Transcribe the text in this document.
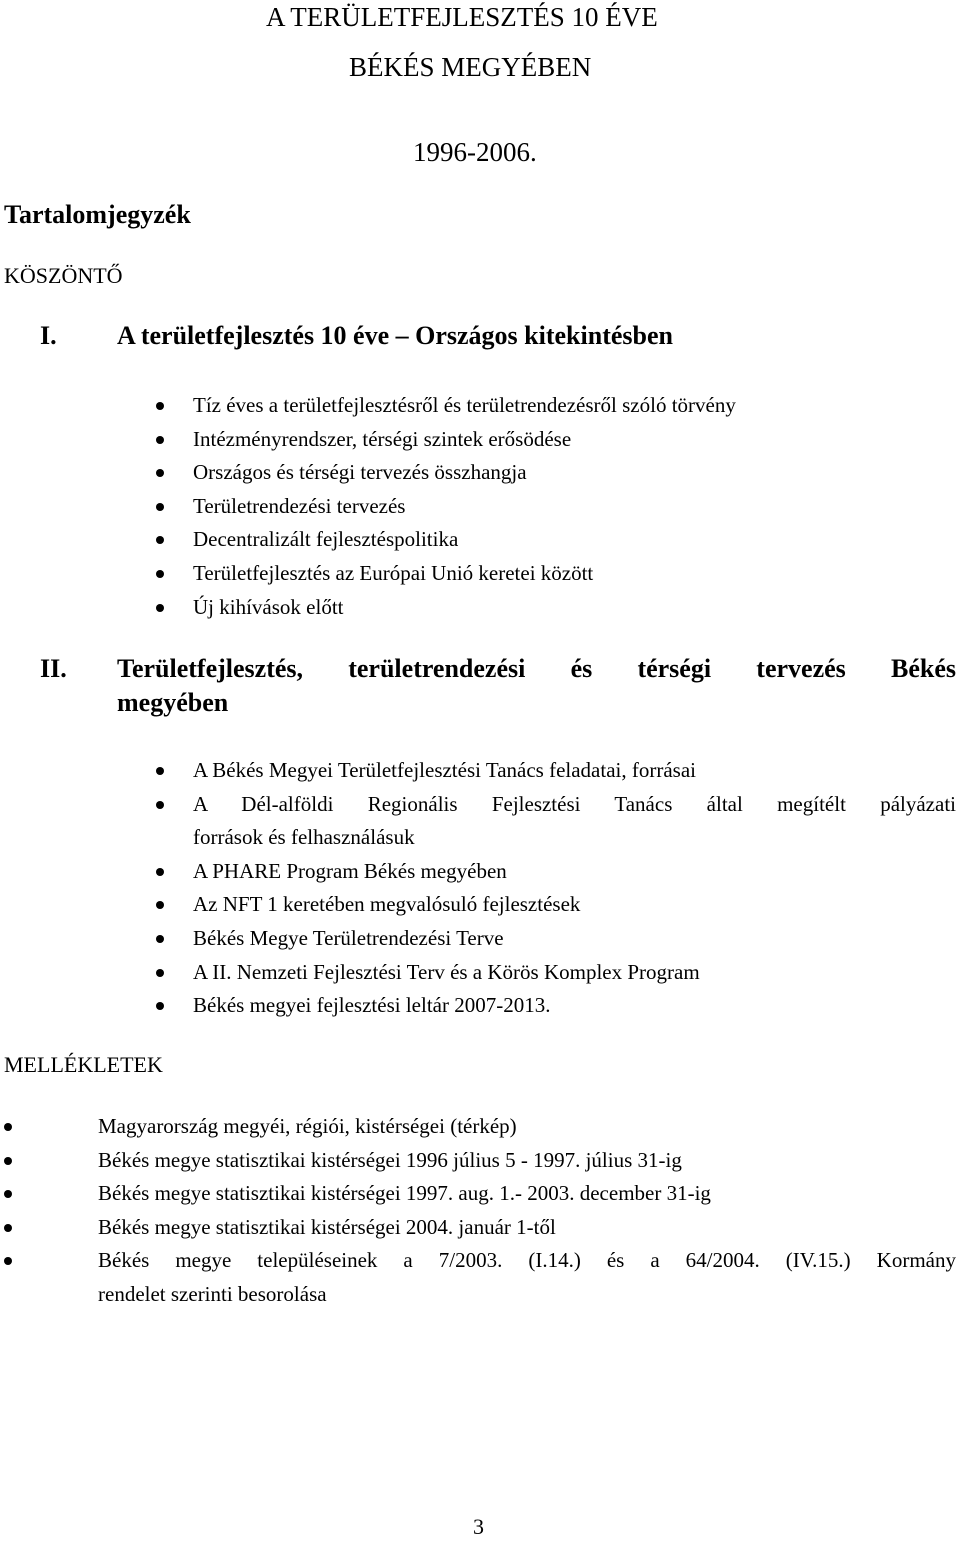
A TERÜLETFEJLESZTÉS 10 ÉVE
BÉKÉS MEGYÉBEN
1996-2006.
Tartalomjegyzék
KÖSZÖNTŐ
I. A területfejlesztés 10 éve – Országos kitekintésben
Tíz éves a területfejlesztésről és területrendezésről szóló törvény
Intézményrendszer, térségi szintek erősödése
Országos és térségi tervezés összhangja
Területrendezési tervezés
Decentralizált fejlesztéspolitika
Területfejlesztés az Európai Unió keretei között
Új kihívások előtt
II. Területfejlesztés, területrendezési és térségi tervezés Békés
megyében
A Békés Megyei Területfejlesztési Tanács feladatai, forrásai
A Dél-alföldi Regionális Fejlesztési Tanács által megítélt pályázati
források és felhasználásuk
A PHARE Program Békés megyében
Az NFT 1 keretében megvalósuló fejlesztések
Békés Megye Területrendezési Terve
A II. Nemzeti Fejlesztési Terv és a Körös Komplex Program
Békés megyei fejlesztési leltár 2007-2013.
MELLÉKLETEK
Magyarország megyéi, régiói, kistérségei (térkép)
Békés megye statisztikai kistérségei 1996 július 5 - 1997. július 31-ig
Békés megye statisztikai kistérségei 1997. aug. 1.- 2003. december 31-ig
Békés megye statisztikai kistérségei 2004. január 1-től
Békés megye településeinek a 7/2003. (I.14.) és a 64/2004. (IV.15.) Kormány
rendelet szerinti besorolása
3
